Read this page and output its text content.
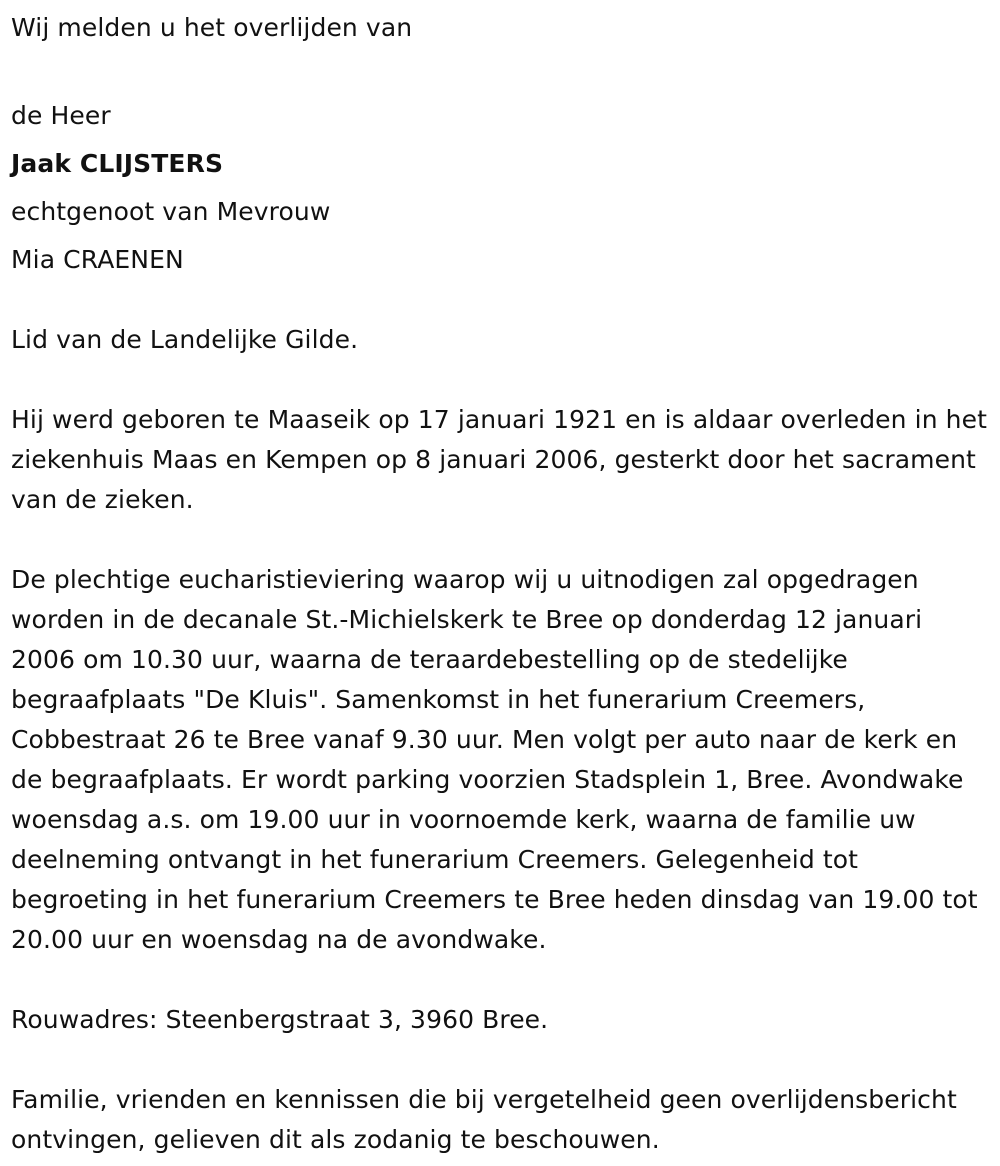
Wij melden u het overlijden van

de Heer

Jaak CLIJSTERS

echtgenoot van Mevrouw

Mia CRAENEN

Lid van de Landelijke Gilde.

Hij werd geboren te Maaseik op 17 januari 1921 en is aldaar overleden in het ziekenhuis Maas en Kempen op 8 januari 2006, gesterkt door het sacrament van de zieken.

De plechtige eucharistieviering waarop wij u uitnodigen zal opgedragen worden in de decanale St.-Michielskerk te Bree op donderdag 12 januari 2006 om 10.30 uur, waarna de teraardebestelling op de stedelijke begraafplaats "De Kluis". Samenkomst in het funerarium Creemers, Cobbestraat 26 te Bree vanaf 9.30 uur. Men volgt per auto naar de kerk en de begraafplaats. Er wordt parking voorzien Stadsplein 1, Bree. Avondwake woensdag a.s. om 19.00 uur in voornoemde kerk, waarna de familie uw deelneming ontvangt in het funerarium Creemers. Gelegenheid tot begroeting in het funerarium Creemers te Bree heden dinsdag van 19.00 tot 20.00 uur en woensdag na de avondwake.

Rouwadres: Steenbergstraat 3, 3960 Bree.

Familie, vrienden en kennissen die bij vergetelheid geen overlijdensbericht ontvingen, gelieven dit als zodanig te beschouwen.
